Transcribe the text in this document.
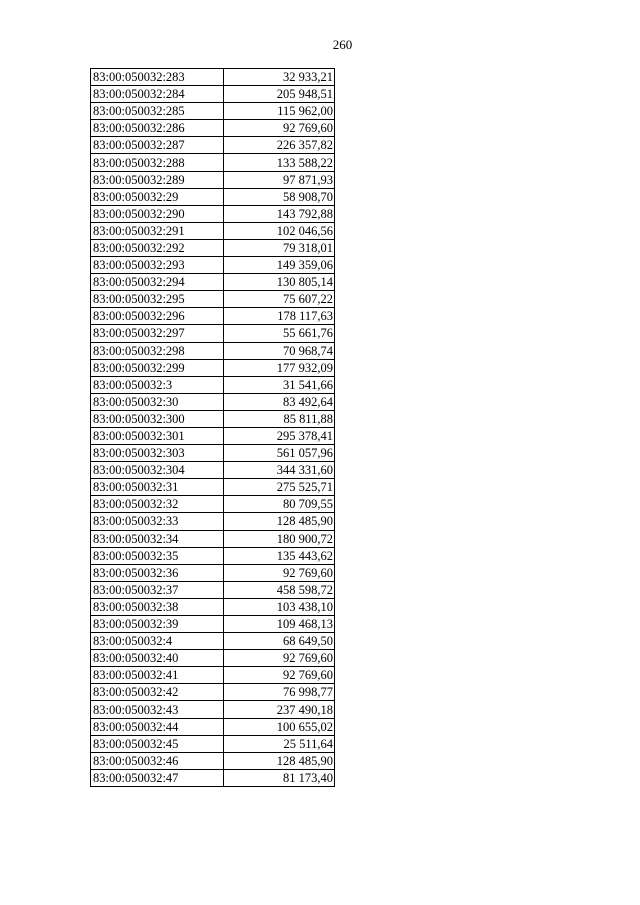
260
83:00:050032:283	32 933,21
83:00:050032:284	205 948,51
83:00:050032:285	115 962,00
83:00:050032:286	92 769,60
83:00:050032:287	226 357,82
83:00:050032:288	133 588,22
83:00:050032:289	97 871,93
83:00:050032:29	58 908,70
83:00:050032:290	143 792,88
83:00:050032:291	102 046,56
83:00:050032:292	79 318,01
83:00:050032:293	149 359,06
83:00:050032:294	130 805,14
83:00:050032:295	75 607,22
83:00:050032:296	178 117,63
83:00:050032:297	55 661,76
83:00:050032:298	70 968,74
83:00:050032:299	177 932,09
83:00:050032:3	31 541,66
83:00:050032:30	83 492,64
83:00:050032:300	85 811,88
83:00:050032:301	295 378,41
83:00:050032:303	561 057,96
83:00:050032:304	344 331,60
83:00:050032:31	275 525,71
83:00:050032:32	80 709,55
83:00:050032:33	128 485,90
83:00:050032:34	180 900,72
83:00:050032:35	135 443,62
83:00:050032:36	92 769,60
83:00:050032:37	458 598,72
83:00:050032:38	103 438,10
83:00:050032:39	109 468,13
83:00:050032:4	68 649,50
83:00:050032:40	92 769,60
83:00:050032:41	92 769,60
83:00:050032:42	76 998,77
83:00:050032:43	237 490,18
83:00:050032:44	100 655,02
83:00:050032:45	25 511,64
83:00:050032:46	128 485,90
83:00:050032:47	81 173,40
